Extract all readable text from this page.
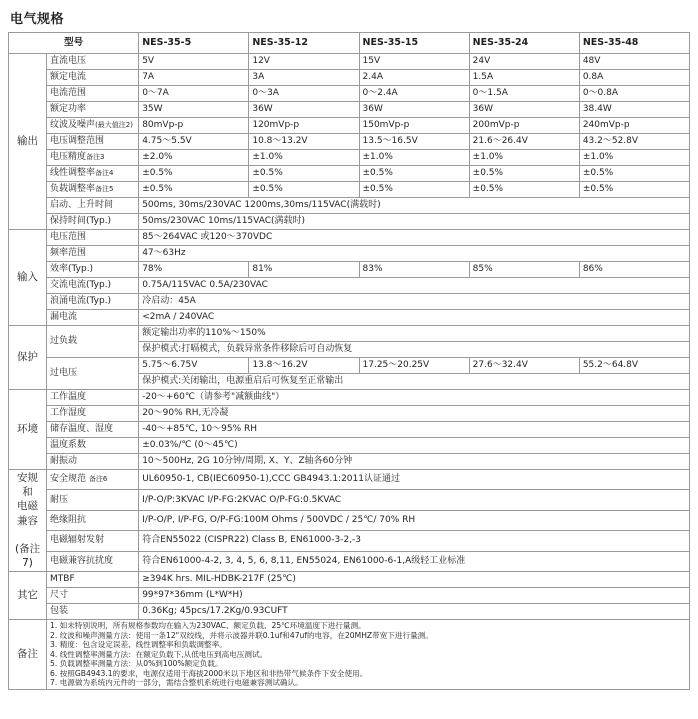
电气规格
型号		NES-35-5	NES-35-12	NES-35-15	NES-35-24	NES-35-48
输出	直流电压	5V	12V	15V	24V	48V
	额定电流	7A	3A	2.4A	1.5A	0.8A
	电流范围	0～7A	0～3A	0～2.4A	0～1.5A	0～0.8A
	额定功率	35W	36W	36W	36W	38.4W
	纹波及噪声(最大值注2)	80mVp-p	120mVp-p	150mVp-p	200mVp-p	240mVp-p
	电压调整范围	4.75～5.5V	10.8～13.2V	13.5～16.5V	21.6～26.4V	43.2～52.8V
	电压精度备注3	±2.0%	±1.0%	±1.0%	±1.0%	±1.0%
	线性调整率备注4	±0.5%	±0.5%	±0.5%	±0.5%	±0.5%
	负载调整率备注5	±0.5%	±0.5%	±0.5%	±0.5%	±0.5%
	启动、上升时间	500ms, 30ms/230VAC 1200ms,30ms/115VAC(满载时)				
	保持时间(Typ.)	50ms/230VAC 10ms/115VAC(满载时)				
输入	电压范围	85～264VAC 或120～370VDC				
	频率范围	47～63Hz				
	效率(Typ.)	78%	81%	83%	85%	86%
	交流电流(Typ.)	0.75A/115VAC 0.5A/230VAC				
	浪涌电流(Typ.)	冷启动：45A				
	漏电流	<2mA / 240VAC				
保护	过负载	额定输出功率的110%～150%				
		保护模式:打嗝模式，负载异常条件移除后可自动恢复				
	过电压	5.75～6.75V	13.8～16.2V	17.25～20.25V	27.6～32.4V	55.2～64.8V
		保护模式:关闭输出，电源重启后可恢复至正常输出				
环境	工作温度	-20～+60℃（请参考"减额曲线"）				
	工作湿度	20～90% RH,无冷凝				
	储存温度、湿度	-40～+85℃, 10～95% RH				
	温度系数	±0.03%/℃ (0～45℃)				
	耐振动	10～500Hz, 2G 10分钟/周期, X、Y、Z轴各60分钟				
安规和
电磁
兼容

(备注7)	安全规范 备注6	UL60950-1, CB(IEC60950-1),CCC GB4943.1:2011认证通过				
	耐压	I/P-O/P:3KVAC I/P-FG:2KVAC O/P-FG:0.5KVAC				
	绝缘阻抗	I/P-O/P, I/P-FG, O/P-FG:100M Ohms / 500VDC / 25℃/ 70% RH				
	电磁辐射发射	符合EN55022 (CISPR22) Class B, EN61000-3-2,-3				
	电磁兼容抗扰度	符合EN61000-4-2, 3, 4, 5, 6, 8,11, EN55024, EN61000-6-1,A级轻工业标准				
其它	MTBF	≥394K hrs. MIL-HDBK-217F (25℃)				
	尺寸	99*97*36mm (L*W*H)				
	包装	0.36Kg; 45pcs/17.2Kg/0.93CUFT				
备注	
1. 如未特别说明，所有规格参数均在输入为230VAC、额定负载、25℃环境温度下进行量测。
2. 纹波和噪声测量方法：使用一条12"双绞线，并将示波器并联0.1uf和47uf的电容，在20MHZ带宽下进行量测。
3. 精度：包含设定误差、线性调整率和负载调整率。
4. 线性调整率测量方法：在额定负载下,从低电压到高电压测试。
5. 负载调整率测量方法：从0%到100%额定负载。
6. 按照GB4943.1的要求，电源仅适用于海拔2000米以下地区和非热带气候条件下安全使用。
7. 电源做为系统内元件的一部分，需结合整机系统进行电磁兼容测试确认。
